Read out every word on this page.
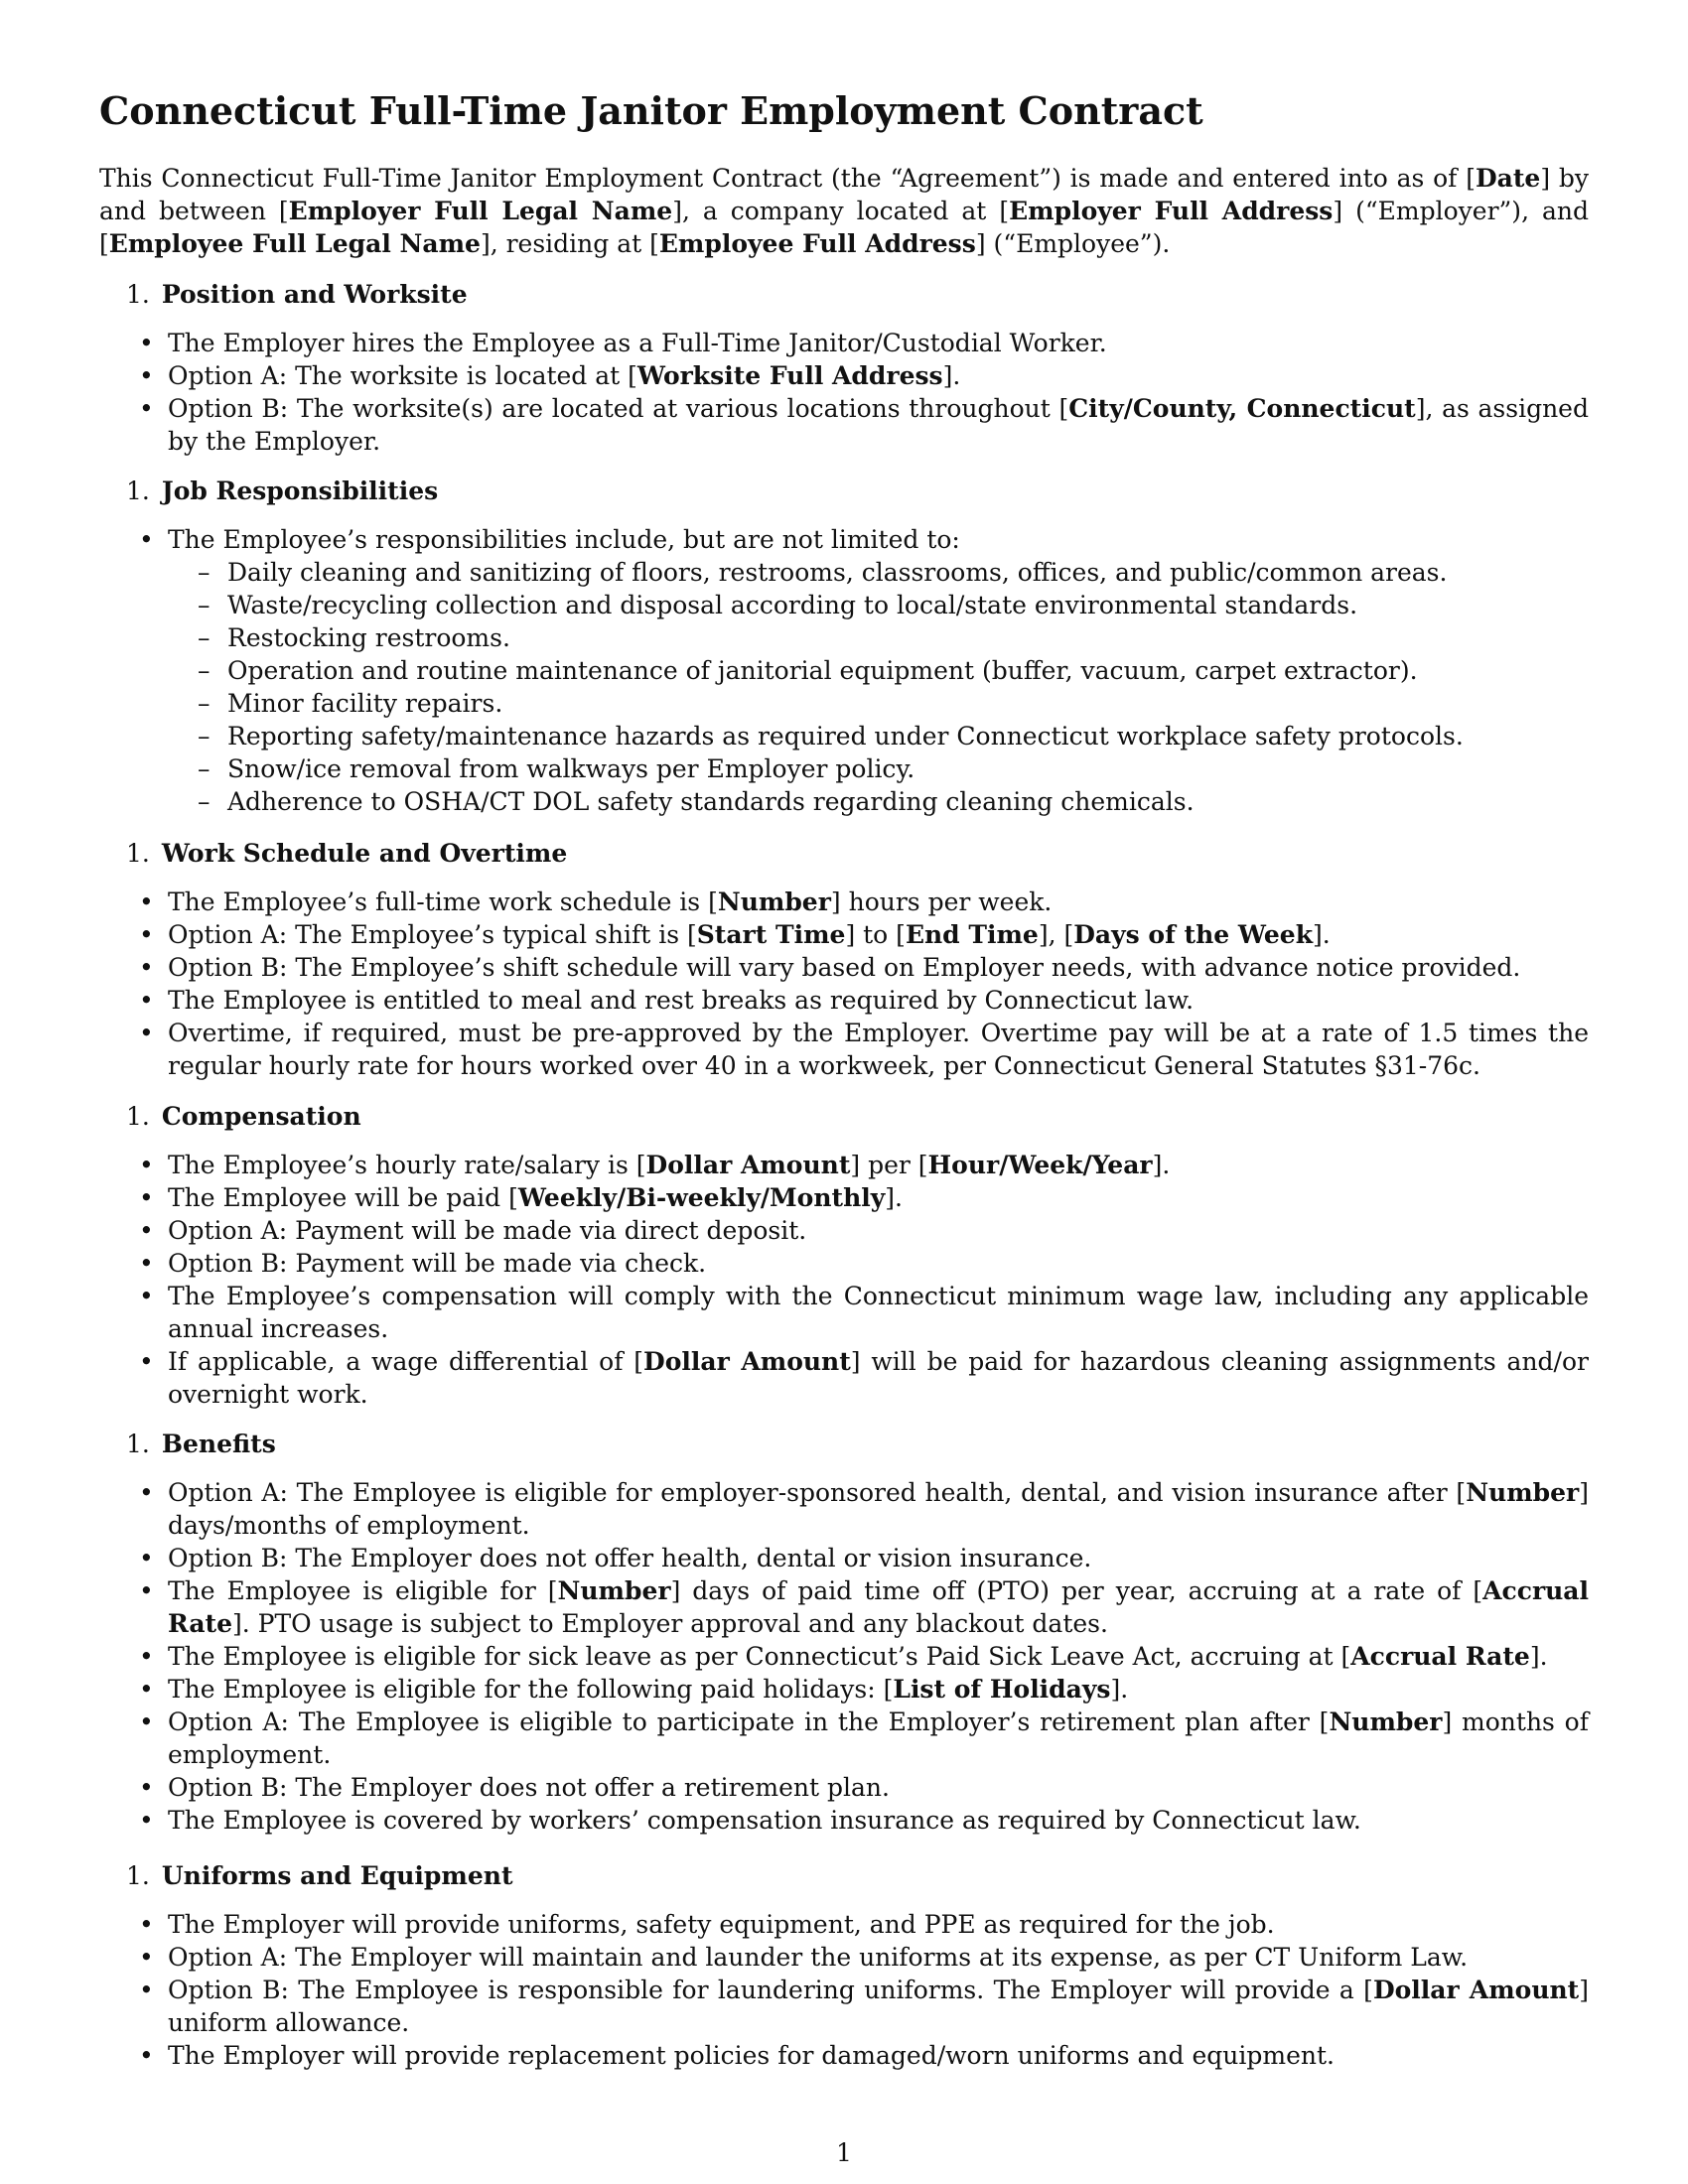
Connecticut Full-Time Janitor Employment Contract

This Connecticut Full-Time Janitor Employment Contract (the “Agreement”) is made and entered into as of [Date] by and between [Employer Full Legal Name], a company located at [Employer Full Address] (“Employer”), and [Employee Full Legal Name], residing at [Employee Full Address] (“Employee”).

1. Position and Worksite
• The Employer hires the Employee as a Full-Time Janitor/Custodial Worker.
• Option A: The worksite is located at [Worksite Full Address].
• Option B: The worksite(s) are located at various locations throughout [City/County, Connecticut], as assigned by the Employer.
1. Job Responsibilities
• The Employee’s responsibilities include, but are not limited to:
– Daily cleaning and sanitizing of floors, restrooms, classrooms, offices, and public/common areas.
– Waste/recycling collection and disposal according to local/state environmental standards.
– Restocking restrooms.
– Operation and routine maintenance of janitorial equipment (buffer, vacuum, carpet extractor).
– Minor facility repairs.
– Reporting safety/maintenance hazards as required under Connecticut workplace safety protocols.
– Snow/ice removal from walkways per Employer policy.
– Adherence to OSHA/CT DOL safety standards regarding cleaning chemicals.
1. Work Schedule and Overtime
• The Employee’s full-time work schedule is [Number] hours per week.
• Option A: The Employee’s typical shift is [Start Time] to [End Time], [Days of the Week].
• Option B: The Employee’s shift schedule will vary based on Employer needs, with advance notice provided.
• The Employee is entitled to meal and rest breaks as required by Connecticut law.
• Overtime, if required, must be pre-approved by the Employer. Overtime pay will be at a rate of 1.5 times the regular hourly rate for hours worked over 40 in a workweek, per Connecticut General Statutes §31-76c.
1. Compensation
• The Employee’s hourly rate/salary is [Dollar Amount] per [Hour/Week/Year].
• The Employee will be paid [Weekly/Bi-weekly/Monthly].
• Option A: Payment will be made via direct deposit.
• Option B: Payment will be made via check.
• The Employee’s compensation will comply with the Connecticut minimum wage law, including any applicable annual increases.
• If applicable, a wage differential of [Dollar Amount] will be paid for hazardous cleaning assignments and/or overnight work.
1. Benefits
• Option A: The Employee is eligible for employer-sponsored health, dental, and vision insurance after [Number] days/months of employment.
• Option B: The Employer does not offer health, dental or vision insurance.
• The Employee is eligible for [Number] days of paid time off (PTO) per year, accruing at a rate of [Accrual Rate]. PTO usage is subject to Employer approval and any blackout dates.
• The Employee is eligible for sick leave as per Connecticut’s Paid Sick Leave Act, accruing at [Accrual Rate].
• The Employee is eligible for the following paid holidays: [List of Holidays].
• Option A: The Employee is eligible to participate in the Employer’s retirement plan after [Number] months of employment.
• Option B: The Employer does not offer a retirement plan.
• The Employee is covered by workers’ compensation insurance as required by Connecticut law.
1. Uniforms and Equipment
• The Employer will provide uniforms, safety equipment, and PPE as required for the job.
• Option A: The Employer will maintain and launder the uniforms at its expense, as per CT Uniform Law.
• Option B: The Employee is responsible for laundering uniforms. The Employer will provide a [Dollar Amount] uniform allowance.
• The Employer will provide replacement policies for damaged/worn uniforms and equipment.
1
